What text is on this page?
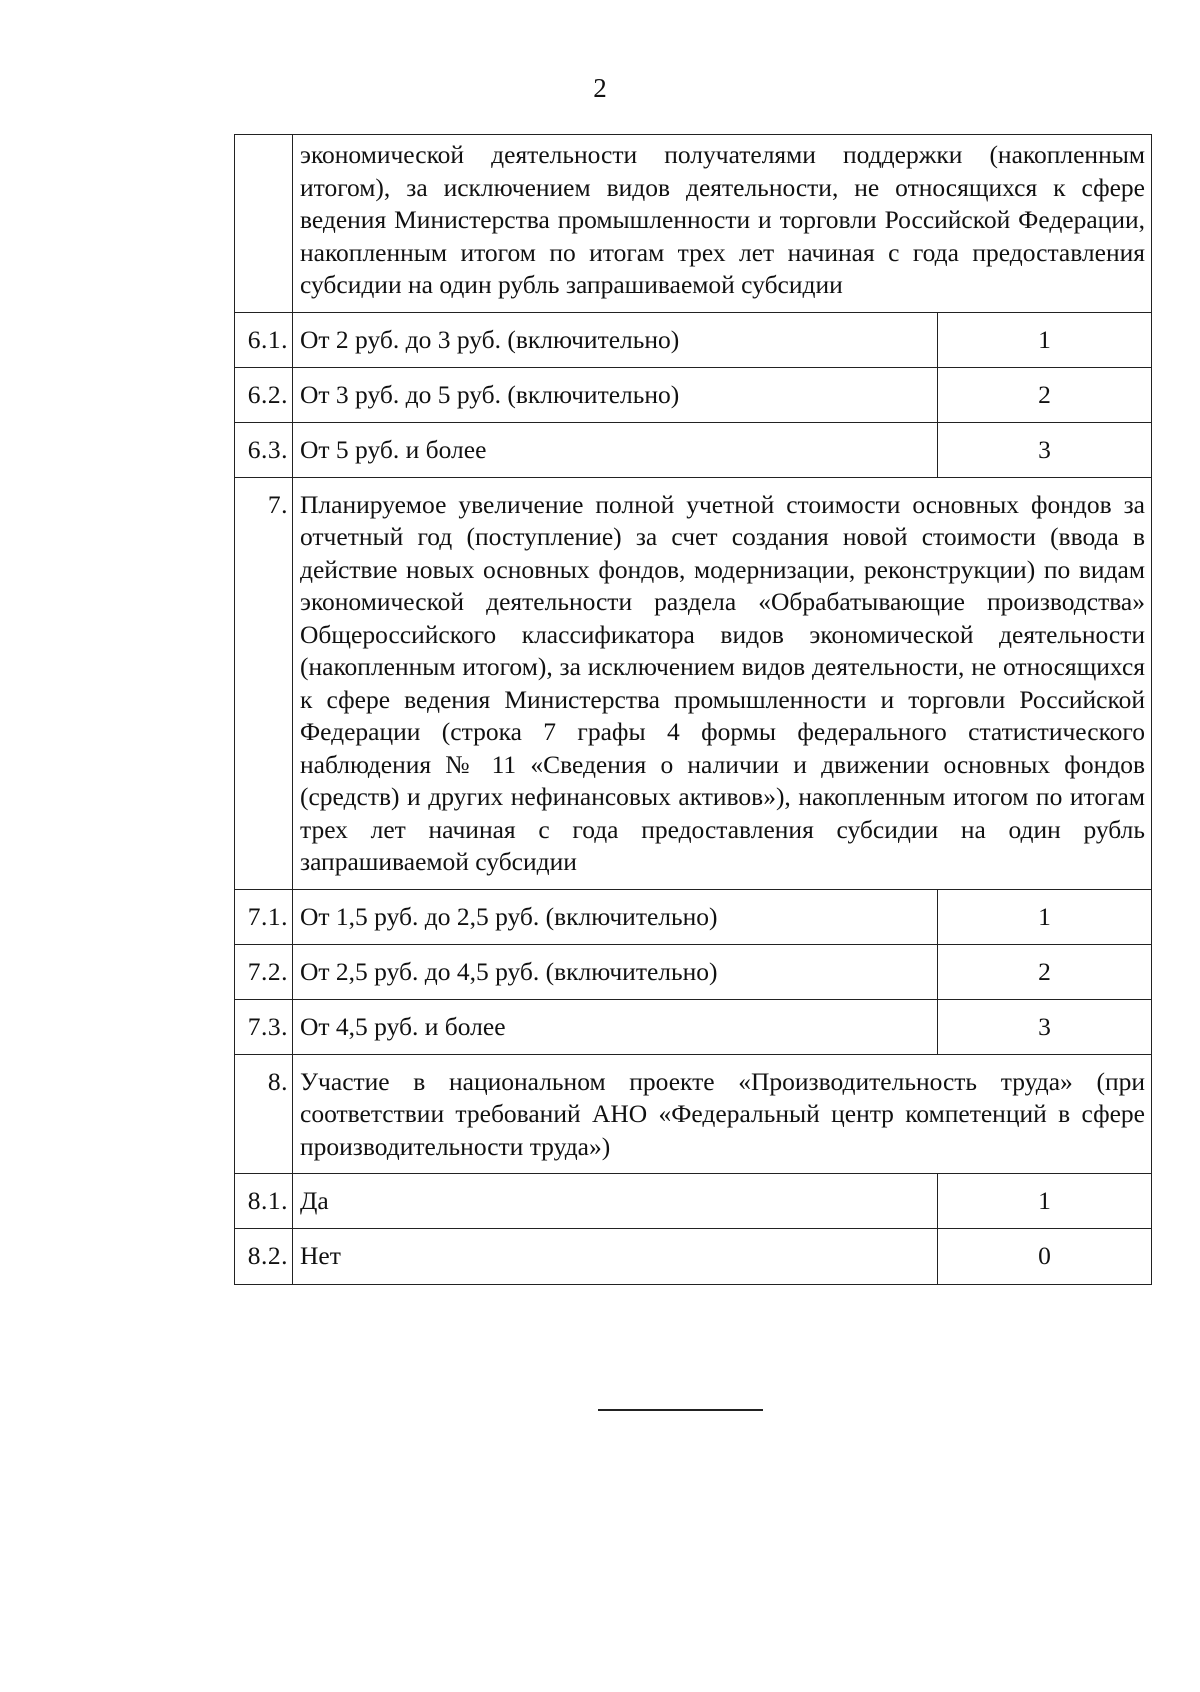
2
	экономической деятельности получателями поддержки (накопленным итогом), за исключением видов деятельности, не относящихся к сфере ведения Министерства промышленности и торговли Российской Федерации, накопленным итогом по итогам трех лет начиная с года предоставления субсидии на один рубль запрашиваемой субсидии	
6.1.	От 2 руб. до 3 руб. (включительно)	1
6.2.	От 3 руб. до 5 руб. (включительно)	2
6.3.	От 5 руб. и более	3
7.	Планируемое увеличение полной учетной стоимости основных фондов за отчетный год (поступление) за счет создания новой стоимости (ввода в действие новых основных фондов, модернизации, реконструкции) по видам экономической деятельности раздела «Обрабатывающие производства» Общероссийского классификатора видов экономической деятельности (накопленным итогом), за исключением видов деятельности, не относящихся к сфере ведения Министерства промышленности и торговли Российской Федерации (строка 7 графы 4 формы федерального статистического наблюдения № 11 «Сведения о наличии и движении основных фондов (средств) и других нефинансовых активов»), накопленным итогом по итогам трех лет начиная с года предоставления субсидии на один рубль запрашиваемой субсидии	
7.1.	От 1,5 руб. до 2,5 руб. (включительно)	1
7.2.	От 2,5 руб. до 4,5 руб. (включительно)	2
7.3.	От 4,5 руб. и более	3
8.	Участие в национальном проекте «Производительность труда» (при соответствии требований АНО «Федеральный центр компетенций в сфере производительности труда»)	
8.1.	Да	1
8.2.	Нет	0
